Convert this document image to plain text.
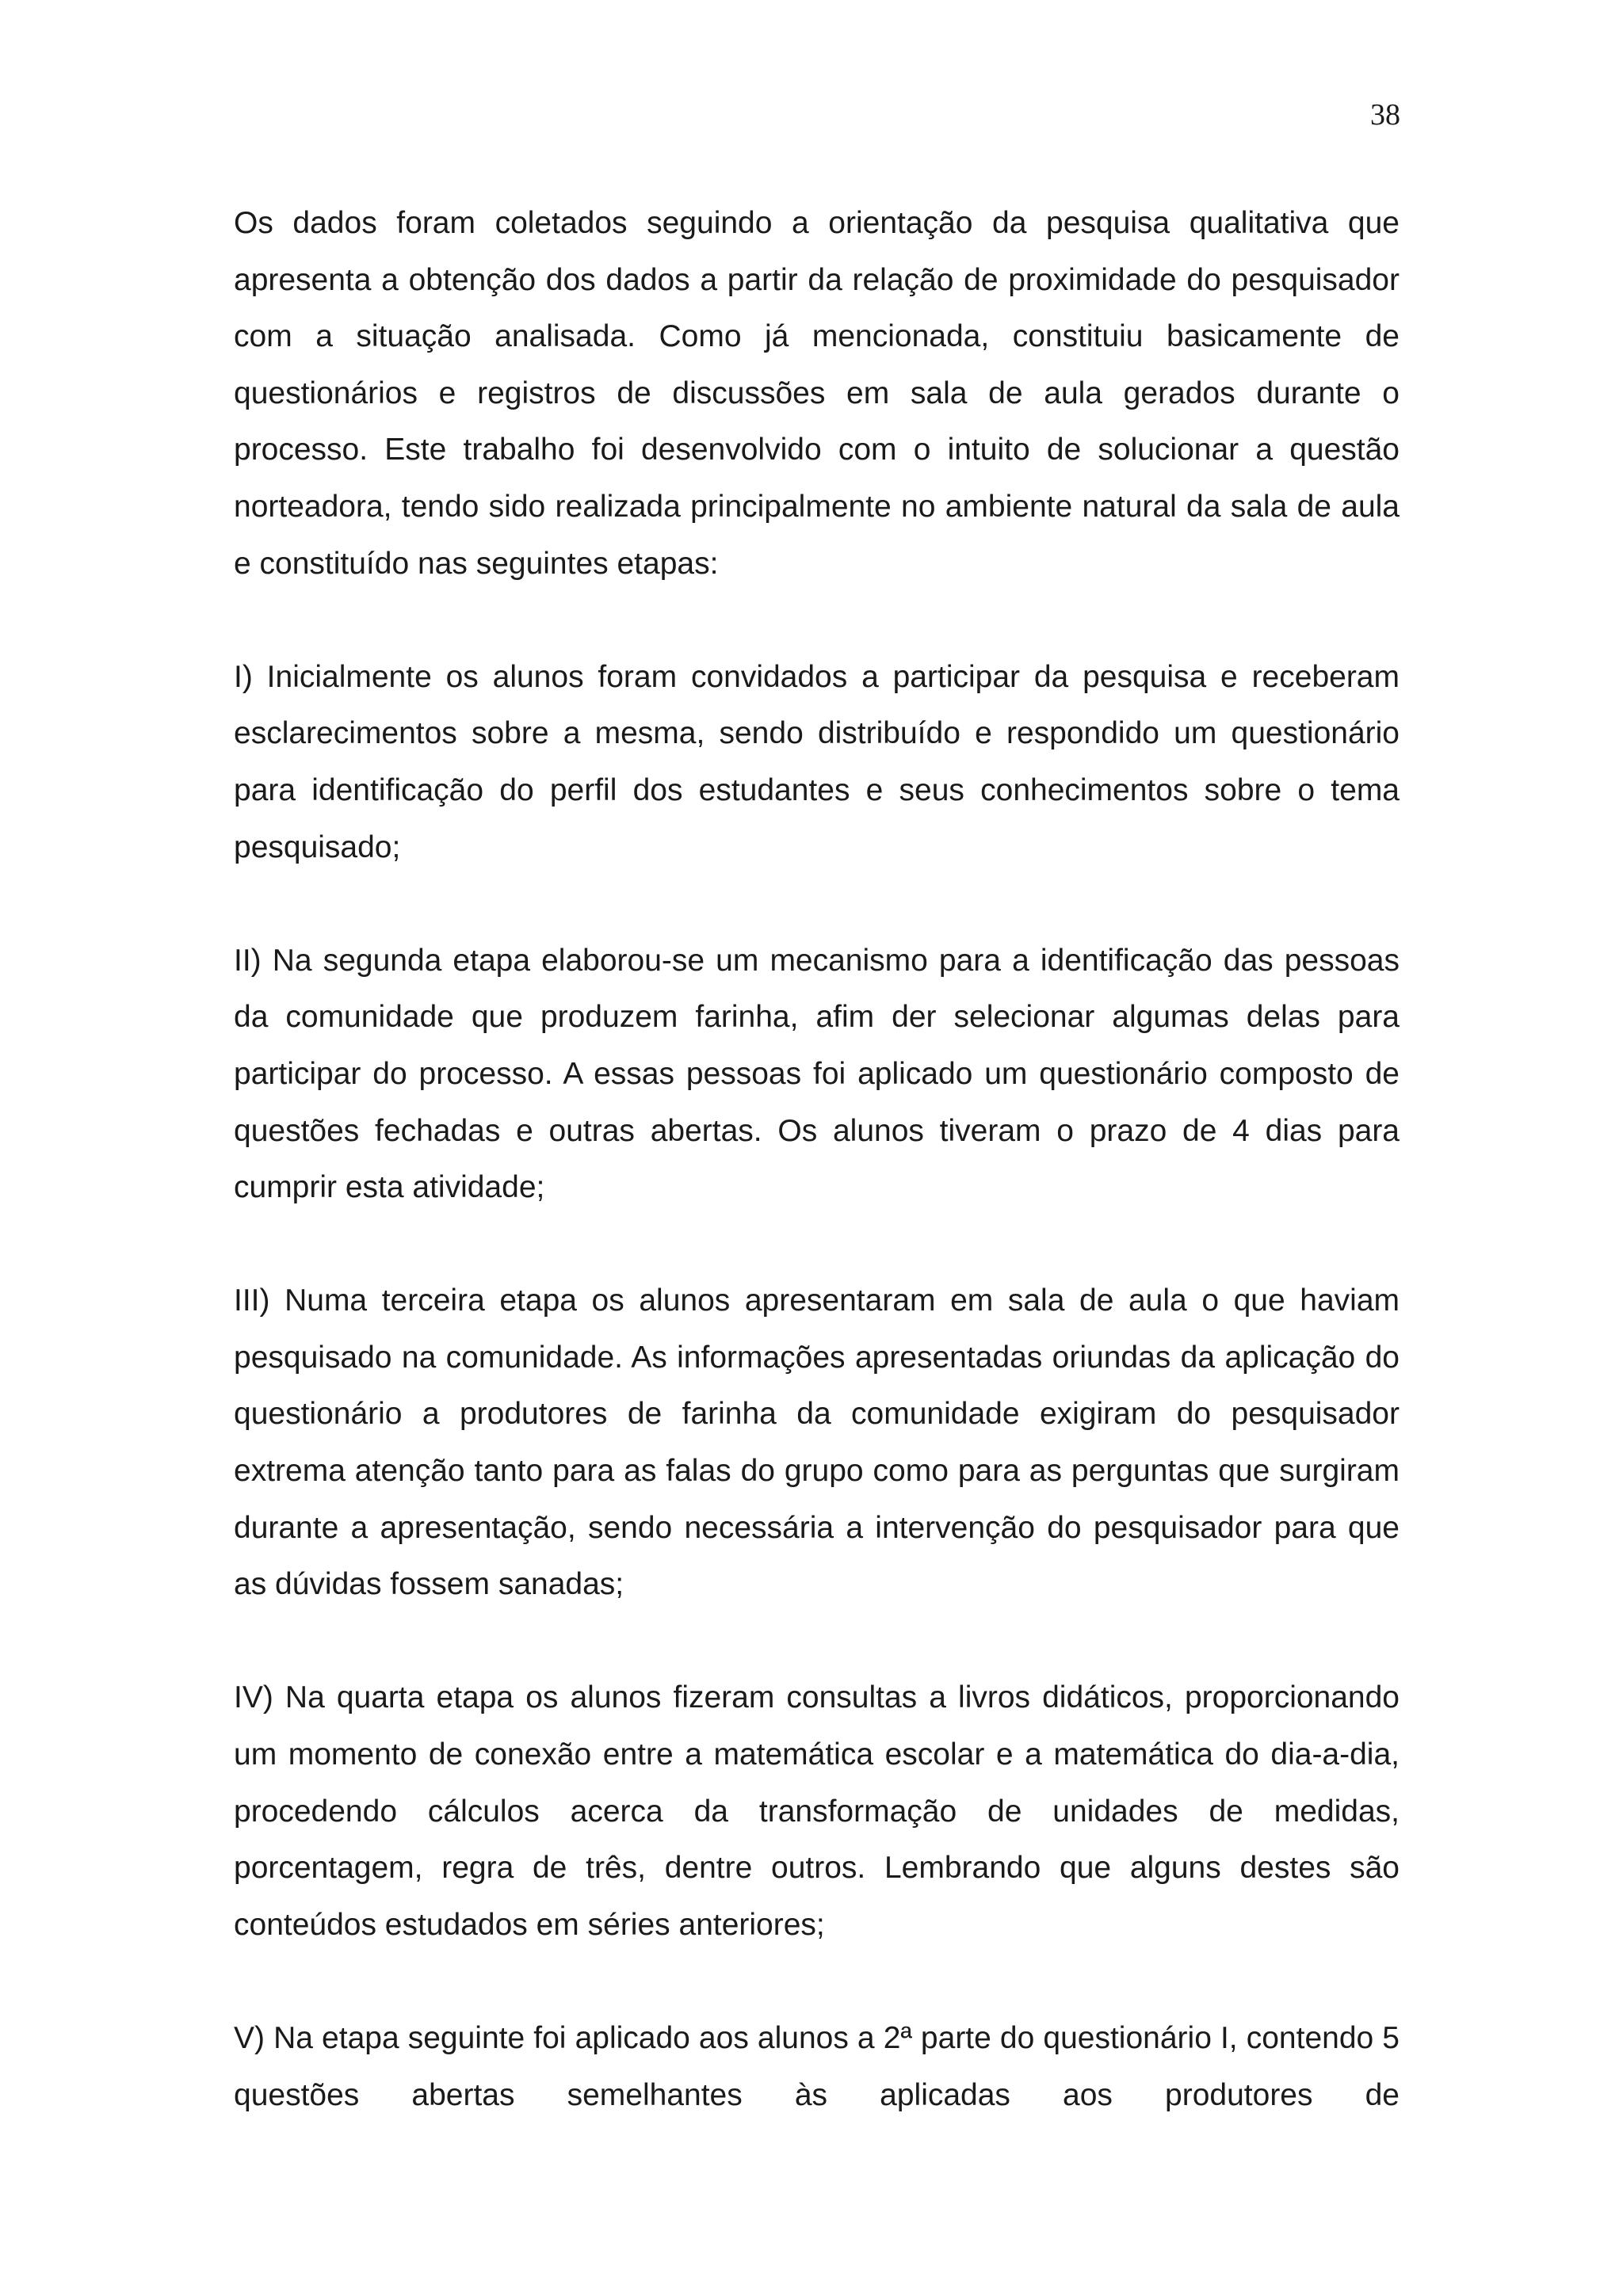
38

Os dados foram coletados seguindo a orientação da pesquisa qualitativa que apresenta a obtenção dos dados a partir da relação de proximidade do pesquisador com a situação analisada. Como já mencionada, constituiu basicamente de questionários e registros de discussões em sala de aula gerados durante o processo. Este trabalho foi desenvolvido com o intuito de solucionar a questão norteadora, tendo sido realizada principalmente no ambiente natural da sala de aula e constituído nas seguintes etapas:

I) Inicialmente os alunos foram convidados a participar da pesquisa e receberam esclarecimentos sobre a mesma, sendo distribuído e respondido um questionário para identificação do perfil dos estudantes e seus conhecimentos sobre o tema pesquisado;

II) Na segunda etapa elaborou-se um mecanismo para a identificação das pessoas da comunidade que produzem farinha, afim der selecionar algumas delas para participar do processo. A essas pessoas foi aplicado um questionário composto de questões fechadas e outras abertas. Os alunos tiveram o prazo de 4 dias para cumprir esta atividade;

III) Numa terceira etapa os alunos apresentaram em sala de aula o que haviam pesquisado na comunidade. As informações apresentadas oriundas da aplicação do questionário a produtores de farinha da comunidade exigiram do pesquisador extrema atenção tanto para as falas do grupo como para as perguntas que surgiram durante a apresentação, sendo necessária a intervenção do pesquisador para que as dúvidas fossem sanadas;

IV) Na quarta etapa os alunos fizeram consultas a livros didáticos, proporcionando um momento de conexão entre a matemática escolar e a matemática do dia-a-dia, procedendo cálculos acerca da transformação de unidades de medidas, porcentagem, regra de três, dentre outros. Lembrando que alguns destes são conteúdos estudados em séries anteriores;

V) Na etapa seguinte foi aplicado aos alunos a 2ª parte do questionário I, contendo 5 questões abertas semelhantes às aplicadas aos produtores de
